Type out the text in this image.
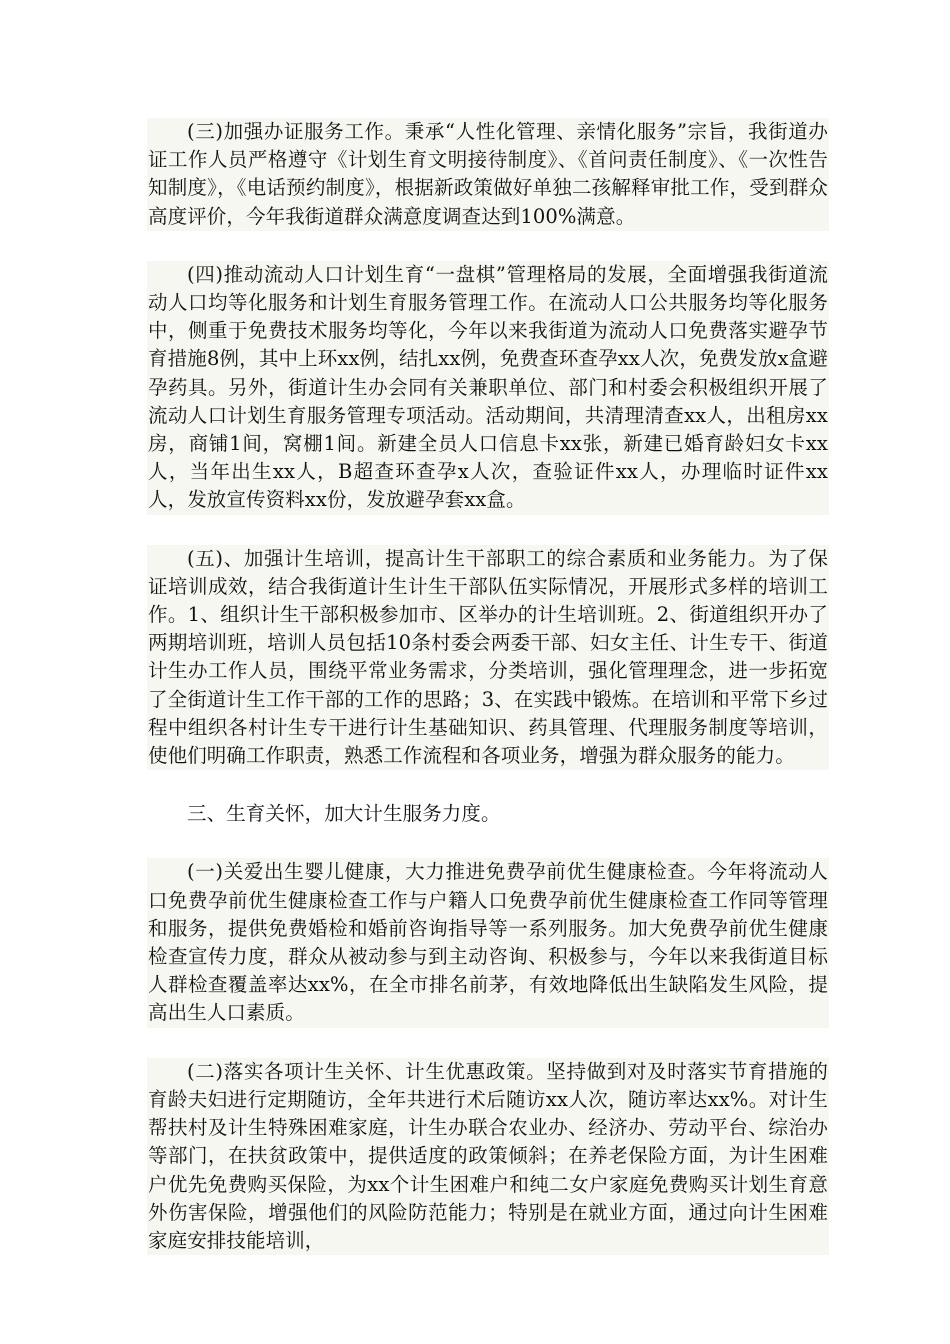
(三)加强办证服务工作。秉承“人性化管理、亲情化服务”宗旨，我街道办证工作人员严格遵守《计划生育文明接待制度》、《首问责任制度》、《一次性告知制度》，《电话预约制度》，根据新政策做好单独二孩解释审批工作，受到群众高度评价，今年我街道群众满意度调查达到100%满意。

(四)推动流动人口计划生育“一盘棋”管理格局的发展，全面增强我街道流动人口均等化服务和计划生育服务管理工作。在流动人口公共服务均等化服务中，侧重于免费技术服务均等化，今年以来我街道为流动人口免费落实避孕节育措施8例，其中上环xx例，结扎xx例，免费查环查孕xx人次，免费发放x盒避孕药具。另外，街道计生办会同有关兼职单位、部门和村委会积极组织开展了流动人口计划生育服务管理专项活动。活动期间，共清理清查xx人，出租房xx房，商铺1间，窝棚1间。新建全员人口信息卡xx张，新建已婚育龄妇女卡xx人，当年出生xx人，B超查环查孕x人次，查验证件xx人，办理临时证件xx人，发放宣传资料xx份，发放避孕套xx盒。

(五)、加强计生培训，提高计生干部职工的综合素质和业务能力。为了保证培训成效，结合我街道计生计生干部队伍实际情况，开展形式多样的培训工作。1、组织计生干部积极参加市、区举办的计生培训班。2、街道组织开办了两期培训班，培训人员包括10条村委会两委干部、妇女主任、计生专干、街道计生办工作人员，围绕平常业务需求，分类培训，强化管理理念，进一步拓宽了全街道计生工作干部的工作的思路；3、在实践中锻炼。在培训和平常下乡过程中组织各村计生专干进行计生基础知识、药具管理、代理服务制度等培训，使他们明确工作职责，熟悉工作流程和各项业务，增强为群众服务的能力。

三、生育关怀，加大计生服务力度。

(一)关爱出生婴儿健康，大力推进免费孕前优生健康检查。今年将流动人口免费孕前优生健康检查工作与户籍人口免费孕前优生健康检查工作同等管理和服务，提供免费婚检和婚前咨询指导等一系列服务。加大免费孕前优生健康检查宣传力度，群众从被动参与到主动咨询、积极参与，今年以来我街道目标人群检查覆盖率达xx%，在全市排名前茅，有效地降低出生缺陷发生风险，提高出生人口素质。

(二)落实各项计生关怀、计生优惠政策。坚持做到对及时落实节育措施的育龄夫妇进行定期随访，全年共进行术后随访xx人次，随访率达xx%。对计生帮扶村及计生特殊困难家庭，计生办联合农业办、经济办、劳动平台、综治办等部门，在扶贫政策中，提供适度的政策倾斜；在养老保险方面，为计生困难户优先免费购买保险，为xx个计生困难户和纯二女户家庭免费购买计划生育意外伤害保险，增强他们的风险防范能力；特别是在就业方面，通过向计生困难家庭安排技能培训，
